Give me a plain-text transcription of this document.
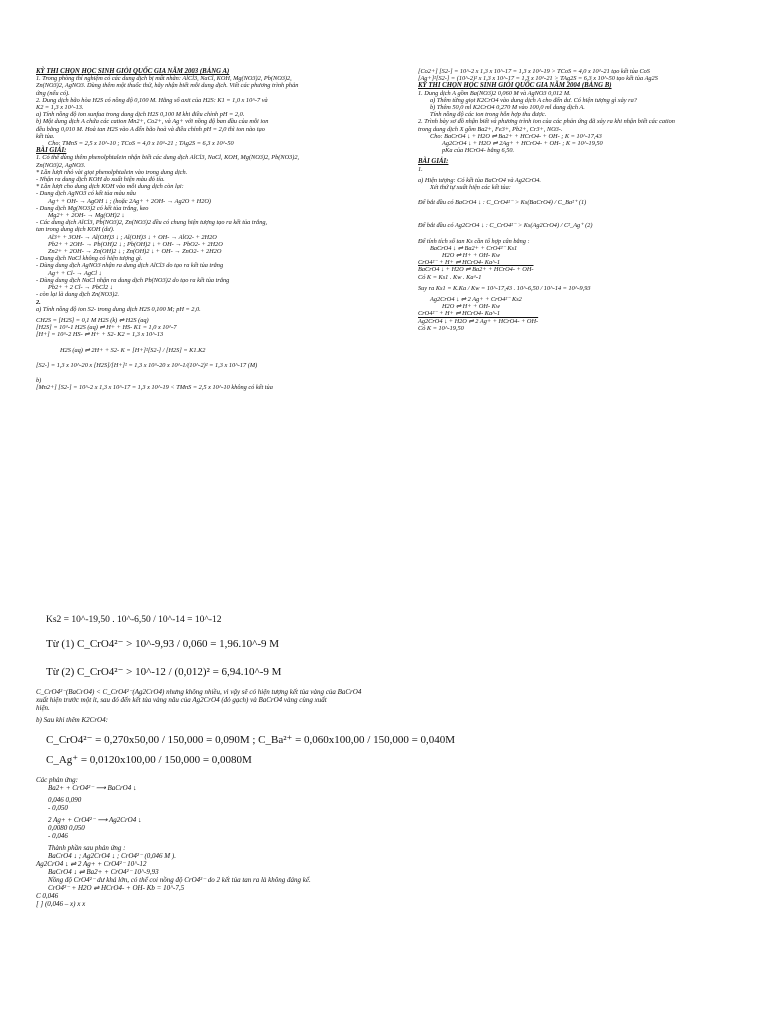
KỲ THI CHỌN HỌC SINH GIỎI QUỐC GIA NĂM 2003 (BẢNG A)

1. Trong phòng thí nghiệm có các dung dịch bị mất nhãn: AlCl3, NaCl, KOH, Mg(NO3)2, Pb(NO3)2,

Zn(NO3)2, AgNO3. Dùng thêm một thuốc thử, hãy nhận biết mỗi dung dịch. Viết các phương trình phản

ứng (nếu có).

2. Dung dịch bão hòa H2S có nồng độ 0,100 M. Hằng số axit của H2S: K1 = 1,0 x 10^-7 và

K2 = 1,3 x 10^-13.

a) Tính nồng độ ion sunfua trong dung dịch H2S 0,100 M khi điều chỉnh pH = 2,0.

b) Một dung dịch A chứa các cation Mn2+, Co2+, và Ag+ với nồng độ ban đầu của mỗi ion

đều bằng 0,010 M. Hoà tan H2S vào A đến bão hoà và điều chỉnh pH = 2,0 thì ion nào tạo

kết tủa.

Cho: TMnS = 2,5 x 10^-10 ; TCoS = 4,0 x 10^-21 ; TAg2S = 6,3 x 10^-50

BÀI GIẢI:

1. Có thể dùng thêm phenolphtalein nhận biết các dung dịch AlCl3, NaCl, KOH, Mg(NO3)2, Pb(NO3)2,

Zn(NO3)2, AgNO3.

* Lần lượt nhỏ vài giọt phenolphtalein vào trong dung dịch.

- Nhận ra dung dịch KOH do xuất hiện màu đỏ tía.

* Lần lượt cho dung dịch KOH vào mỗi dung dịch còn lại:

- Dung dịch AgNO3 có kết tủa màu nâu

Ag+ + OH- → AgOH ↓ ; (hoặc 2Ag+ + 2OH- → Ag2O + H2O)

- Dung dịch Mg(NO3)2 có kết tủa trắng, keo

Mg2+ + 2OH- → Mg(OH)2 ↓

- Các dung dịch AlCl3, Pb(NO3)2, Zn(NO3)2 đều có chung hiện tượng tạo ra kết tủa trắng,

tan trong dung dịch KOH (dư).

Al3+ + 3OH- → Al(OH)3 ↓ ; Al(OH)3 ↓ + OH- → AlO2- + 2H2O

Pb2+ + 2OH- → Pb(OH)2 ↓ ; Pb(OH)2 ↓ + OH- → PbO2- + 2H2O

Zn2+ + 2OH- → Zn(OH)2 ↓ ; Zn(OH)2 ↓ + OH- → ZnO2- + 2H2O

- Dung dịch NaCl không có hiện tượng gì.

- Dùng dung dịch AgNO3 nhận ra dung dịch AlCl3 do tạo ra kết tủa trắng

Ag+ + Cl- → AgCl ↓

- Dùng dung dịch NaCl nhận ra dung dịch Pb(NO3)2 do tạo ra kết tủa trắng

Pb2+ + 2 Cl- → PbCl2 ↓

- còn lại là dung dịch Zn(NO3)2.

2.

a) Tính nồng độ ion S2- trong dung dịch H2S 0,100 M; pH = 2,0.

CH2S = [H2S] = 0,1 M H2S (k) ⇌ H2S (aq)

[H2S] = 10^-1 H2S (aq) ⇌ H+ + HS- K1 = 1,0 x 10^-7

[H+] = 10^-2 HS- ⇌ H+ + S2- K2 = 1,3 x 10^-13

H2S (aq) ⇌ 2H+ + S2- K = [H+]²[S2-] / [H2S] = K1.K2

[S2-] = 1,3 x 10^-20 x [H2S]/[H+]² = 1,3 x 10^-20 x 10^-1/(10^-2)² = 1,3 x 10^-17 (M)

b)

[Mn2+] [S2-] = 10^-2 x 1,3 x 10^-17 = 1,3 x 10^-19 < TMnS = 2,5 x 10^-10 không có kết tủa

[Co2+] [S2-] = 10^-2 x 1,3 x 10^-17 = 1,3 x 10^-19 > TCoS = 4,0 x 10^-21 tạo kết tủa CoS

[Ag+]²[S2-] = (10^-2)² x 1,3 x 10^-17 = 1,3 x 10^-21 > TAg2S = 6,3 x 10^-50 tạo kết tủa Ag2S

KỲ THI CHỌN HỌC SINH GIỎI QUỐC GIA NĂM 2004 (BẢNG B)

1. Dung dịch A gồm Ba(NO3)2 0,060 M và AgNO3 0,012 M.

a) Thêm từng giọt K2CrO4 vào dung dịch A cho đến dư. Có hiện tượng gì xảy ra?

b) Thêm 50,0 ml K2CrO4 0,270 M vào 100,0 ml dung dịch A.

Tính nồng độ các ion trong hỗn hợp thu được.

2. Trình bày sơ đồ nhận biết và phương trình ion của các phản ứng đã xảy ra khi nhận biết các cation

trong dung dịch X gồm Ba2+, Fe3+, Pb2+, Cr3+, NO3-.

Cho: BaCrO4 ↓ + H2O ⇌ Ba2+ + HCrO4- + OH- ; K = 10^-17,43

Ag2CrO4 ↓ + H2O ⇌ 2Ag+ + HCrO4- + OH- ; K = 10^-19,50

pKa của HCrO4- bằng 6,50.

BÀI GIẢI:

1.

a) Hiện tượng: Có kết tủa BaCrO4 và Ag2CrO4.

Xét thứ tự xuất hiện các kết tủa:

Để bắt đầu có BaCrO4 ↓ : C_CrO4²⁻ > Ks(BaCrO4) / C_Ba²⁺ (1)

Để bắt đầu có Ag2CrO4 ↓ : C_CrO4²⁻ > Ks(Ag2CrO4) / C²_Ag⁺ (2)

Để tính tích số tan Ks cần tổ hợp cân bằng :

BaCrO4 ↓ ⇌ Ba2+ + CrO4²⁻ Ks1

H2O ⇌ H+ + OH- Kw

CrO4²⁻ + H+ ⇌ HCrO4- Ka^-1

BaCrO4 ↓ + H2O ⇌ Ba2+ + HCrO4- + OH-

Có K = Ks1 . Kw . Ka^-1

Suy ra Ks1 = K.Ka / Kw = 10^-17,43 . 10^-6,50 / 10^-14 = 10^-9,93

Ag2CrO4 ↓ ⇌ 2 Ag+ + CrO4²⁻ Ks2

H2O ⇌ H+ + OH- Kw

CrO4²⁻ + H+ ⇌ HCrO4- Ka^-1

Ag2CrO4 ↓ + H2O ⇌ 2 Ag+ + HCrO4- + OH-

Có K = 10^-19,50

Ks2 = 10^-19,50 . 10^-6,50 / 10^-14 = 10^-12

Từ (1) C_CrO4²⁻ > 10^-9,93 / 0,060 = 1,96.10^-9 M

Từ (2) C_CrO4²⁻ > 10^-12 / (0,012)² = 6,94.10^-9 M

C_CrO4²⁻(BaCrO4) < C_CrO4²⁻(Ag2CrO4) nhưng không nhiều, vì vậy sẽ có hiện tượng kết tủa vàng của BaCrO4

xuất hiện trước một ít, sau đó đến kết tủa vàng nâu của Ag2CrO4 (đỏ gạch) và BaCrO4 vàng cùng xuất

hiện.

b) Sau khi thêm K2CrO4:

C_CrO4²⁻ = 0,270x50,00 / 150,000 = 0,090M ; C_Ba²⁺ = 0,060x100,00 / 150,000 = 0,040M

C_Ag⁺ = 0,0120x100,00 / 150,000 = 0,0080M

Các phản ứng:

Ba2+ + CrO4²⁻ ⟶ BaCrO4 ↓

0,046 0,090

- 0,050

2 Ag+ + CrO4²⁻ ⟶ Ag2CrO4 ↓

0,0080 0,050

- 0,046

Thành phần sau phản ứng :

BaCrO4 ↓ ; Ag2CrO4 ↓ ; CrO4²⁻ (0,046 M ).

Ag2CrO4 ↓ ⇌ 2 Ag+ + CrO4²⁻ 10^-12

BaCrO4 ↓ ⇌ Ba2+ + CrO4²⁻ 10^-9,93

Nồng độ CrO4²⁻ dư khá lớn, có thể coi nồng độ CrO4²⁻ do 2 kết tủa tan ra là không đáng kể.

CrO4²⁻ + H2O ⇌ HCrO4- + OH- Kb = 10^-7,5

C 0,046

[ ] (0,046 – x) x x
